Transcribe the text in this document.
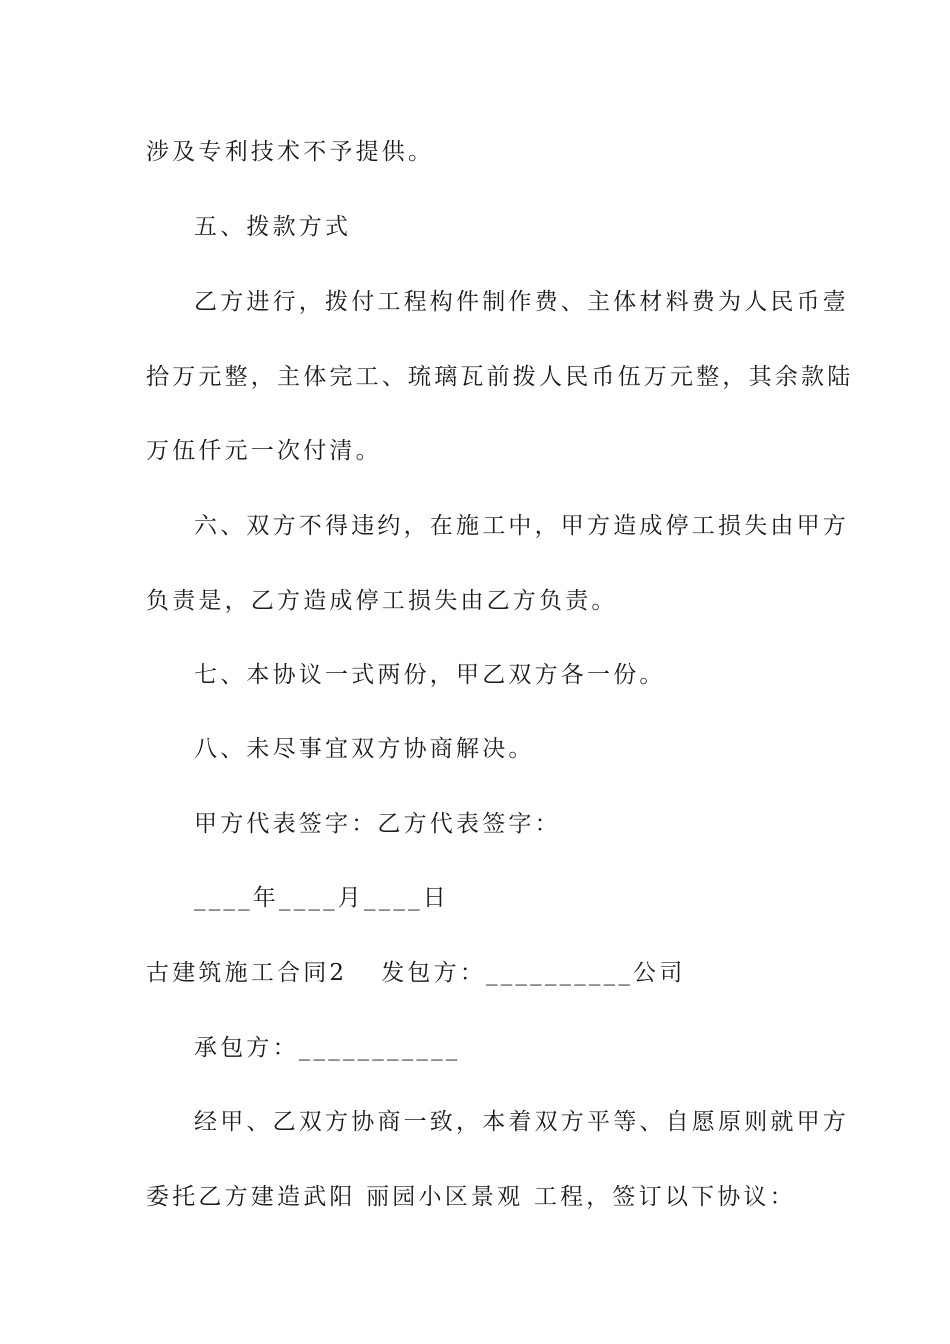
涉及专利技术不予提供。
五、拨款方式
乙方进行，拨付工程构件制作费、主体材料费为人民币壹
拾万元整，主体完工、琉璃瓦前拨人民币伍万元整，其余款陆
万伍仟元一次付清。
六、双方不得违约，在施工中，甲方造成停工损失由甲方
负责是，乙方造成停工损失由乙方负责。
七、本协议一式两份，甲乙双方各一份。
八、未尽事宜双方协商解决。
甲方代表签字：乙方代表签字：
____年____月____日
古建筑施工合同2 发包方：__________公司
承包方：___________
经甲、乙双方协商一致，本着双方平等、自愿原则就甲方
委托乙方建造武阳 丽园小区景观 工程，签订以下协议：
